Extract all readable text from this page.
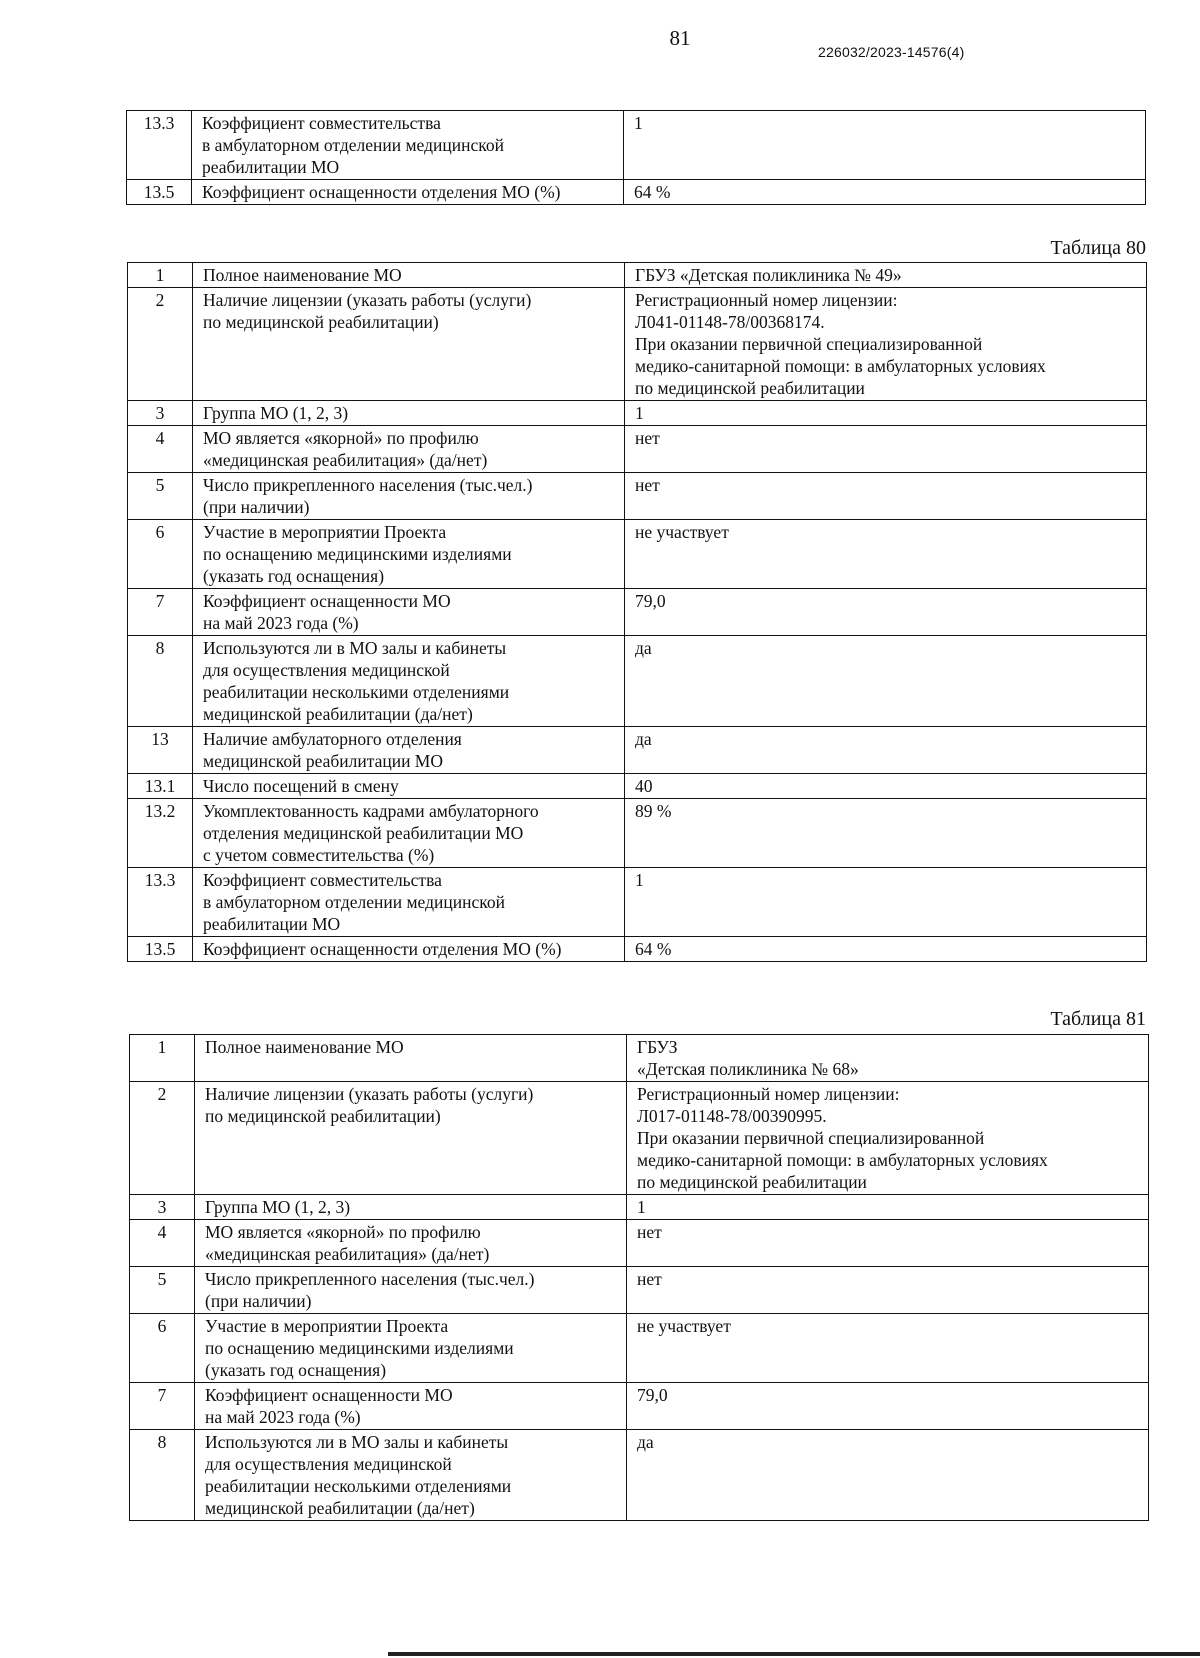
81
226032/2023-14576(4)
13.3	Коэффициент совместительства
в амбулаторном отделении медицинской
реабилитации МО	1
13.5	Коэффициент оснащенности отделения МО (%)	64 %
Таблица 80
1	Полное наименование МО	ГБУЗ «Детская поликлиника № 49»
2	Наличие лицензии (указать работы (услуги)
по медицинской реабилитации)	Регистрационный номер лицензии:
Л041-01148-78/00368174.
При оказании первичной специализированной
медико-санитарной помощи: в амбулаторных условиях
по медицинской реабилитации
3	Группа МО (1, 2, 3)	1
4	МО является «якорной» по профилю
«медицинская реабилитация» (да/нет)	нет
5	Число прикрепленного населения (тыс.чел.)
(при наличии)	нет
6	Участие в мероприятии Проекта
по оснащению медицинскими изделиями
(указать год оснащения)	не участвует
7	Коэффициент оснащенности МО
на май 2023 года (%)	79,0
8	Используются ли в МО залы и кабинеты
для осуществления медицинской
реабилитации несколькими отделениями
медицинской реабилитации (да/нет)	да
13	Наличие амбулаторного отделения
медицинской реабилитации МО	да
13.1	Число посещений в смену	40
13.2	Укомплектованность кадрами амбулаторного
отделения медицинской реабилитации МО
с учетом совместительства (%)	89 %
13.3	Коэффициент совместительства
в амбулаторном отделении медицинской
реабилитации МО	1
13.5	Коэффициент оснащенности отделения МО (%)	64 %
Таблица 81
1	Полное наименование МО	ГБУЗ
«Детская поликлиника № 68»
2	Наличие лицензии (указать работы (услуги)
по медицинской реабилитации)	Регистрационный номер лицензии:
Л017-01148-78/00390995.
При оказании первичной специализированной
медико-санитарной помощи: в амбулаторных условиях
по медицинской реабилитации
3	Группа МО (1, 2, 3)	1
4	МО является «якорной» по профилю
«медицинская реабилитация» (да/нет)	нет
5	Число прикрепленного населения (тыс.чел.)
(при наличии)	нет
6	Участие в мероприятии Проекта
по оснащению медицинскими изделиями
(указать год оснащения)	не участвует
7	Коэффициент оснащенности МО
на май 2023 года (%)	79,0
8	Используются ли в МО залы и кабинеты
для осуществления медицинской
реабилитации несколькими отделениями
медицинской реабилитации (да/нет)	да
